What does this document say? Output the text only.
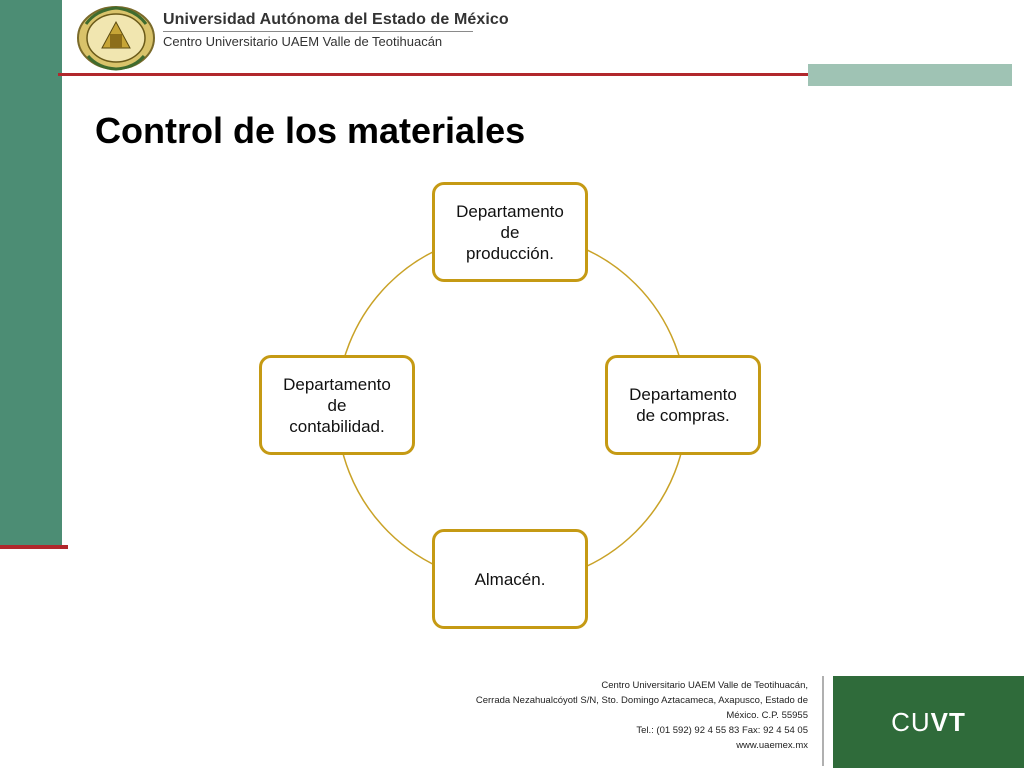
Universidad Autónoma del Estado de México
Centro Universitario UAEM Valle de Teotihuacán
Control de los materiales
Departamento
de
producción.
Departamento
de compras.
Almacén.
Departamento
de
contabilidad.
Centro Universitario UAEM Valle de Teotihuacán,
Cerrada Nezahualcóyotl S/N, Sto. Domingo Aztacameca, Axapusco, Estado de
México. C.P. 55955
Tel.: (01 592) 92 4 55 83 Fax: 92 4 54 05
www.uaemex.mx
CUVT
